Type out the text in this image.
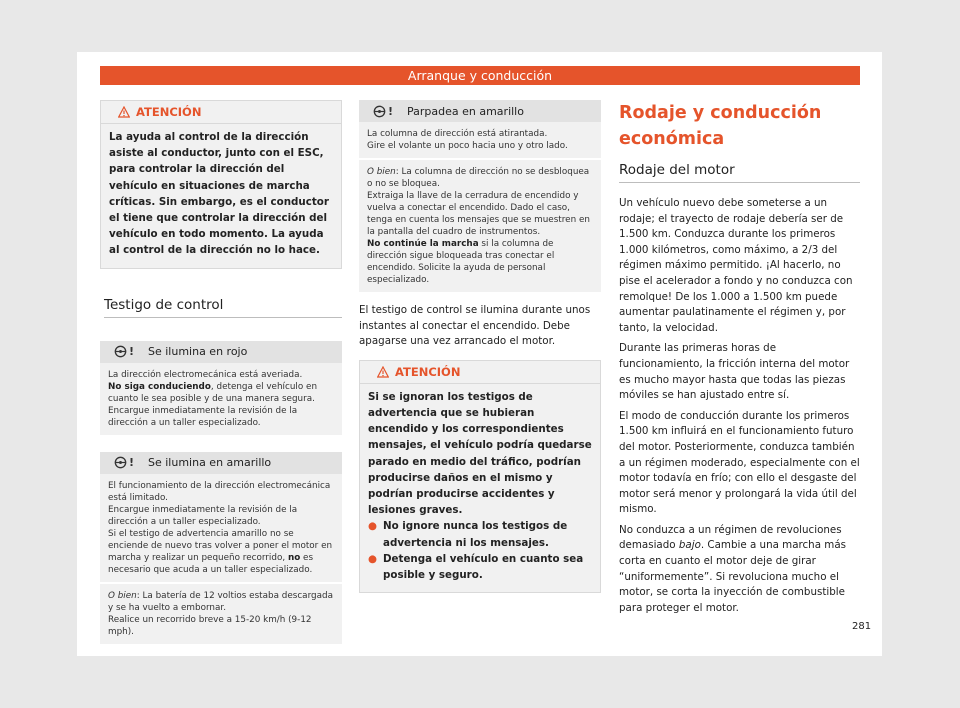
Arranque y conducción
ATENCIÓN
La ayuda al control de la dirección asiste al conductor, junto con el ESC, para controlar la dirección del vehículo en situaciones de marcha críticas. Sin embargo, es el conductor el tiene que controlar la dirección del vehículo en todo momento. La ayuda al control de la dirección no lo hace.
Testigo de control
! Se ilumina en rojo
La dirección electromecánica está averiada.
No siga conduciendo, detenga el vehículo en cuanto le sea posible y de una manera segura.
Encargue inmediatamente la revisión de la dirección a un taller especializado.
! Se ilumina en amarillo
El funcionamiento de la dirección electromecánica está limitado.
Encargue inmediatamente la revisión de la dirección a un taller especializado.
Si el testigo de advertencia amarillo no se enciende de nuevo tras volver a poner el motor en marcha y realizar un pequeño recorrido, no es necesario que acuda a un taller especializado.
O bien: La batería de 12 voltios estaba descargada y se ha vuelto a embornar.
Realice un recorrido breve a 15-20 km/h (9-12 mph).
! Parpadea en amarillo
La columna de dirección está atirantada.
Gire el volante un poco hacia uno y otro lado.
O bien: La columna de dirección no se desbloquea o no se bloquea.
Extraiga la llave de la cerradura de encendido y vuelva a conectar el encendido. Dado el caso, tenga en cuenta los mensajes que se muestren en la pantalla del cuadro de instrumentos.
No continúe la marcha si la columna de dirección sigue bloqueada tras conectar el encendido. Solicite la ayuda de personal especializado.
El testigo de control se ilumina durante unos instantes al conectar el encendido. Debe apagarse una vez arrancado el motor.
ATENCIÓN
Si se ignoran los testigos de advertencia que se hubieran encendido y los correspondientes mensajes, el vehículo podría quedarse parado en medio del tráfico, podrían producirse daños en el mismo y podrían producirse accidentes y lesiones graves.
● No ignore nunca los testigos de advertencia ni los mensajes.
● Detenga el vehículo en cuanto sea posible y seguro.
Rodaje y conducción económica
Rodaje del motor
Un vehículo nuevo debe someterse a un rodaje; el trayecto de rodaje debería ser de 1.500 km. Conduzca durante los primeros 1.000 kilómetros, como máximo, a 2/3 del régimen máximo permitido. ¡Al hacerlo, no pise el acelerador a fondo y no conduzca con remolque! De los 1.000 a 1.500 km puede aumentar paulatinamente el régimen y, por tanto, la velocidad.
Durante las primeras horas de funcionamiento, la fricción interna del motor es mucho mayor hasta que todas las piezas móviles se han ajustado entre sí.
El modo de conducción durante los primeros 1.500 km influirá en el funcionamiento futuro del motor. Posteriormente, conduzca también a un régimen moderado, especialmente con el motor todavía en frío; con ello el desgaste del motor será menor y prolongará la vida útil del mismo.
No conduzca a un régimen de revoluciones demasiado bajo. Cambie a una marcha más corta en cuanto el motor deje de girar “uniformemente”. Si revoluciona mucho el motor, se corta la inyección de combustible para proteger el motor.
281
